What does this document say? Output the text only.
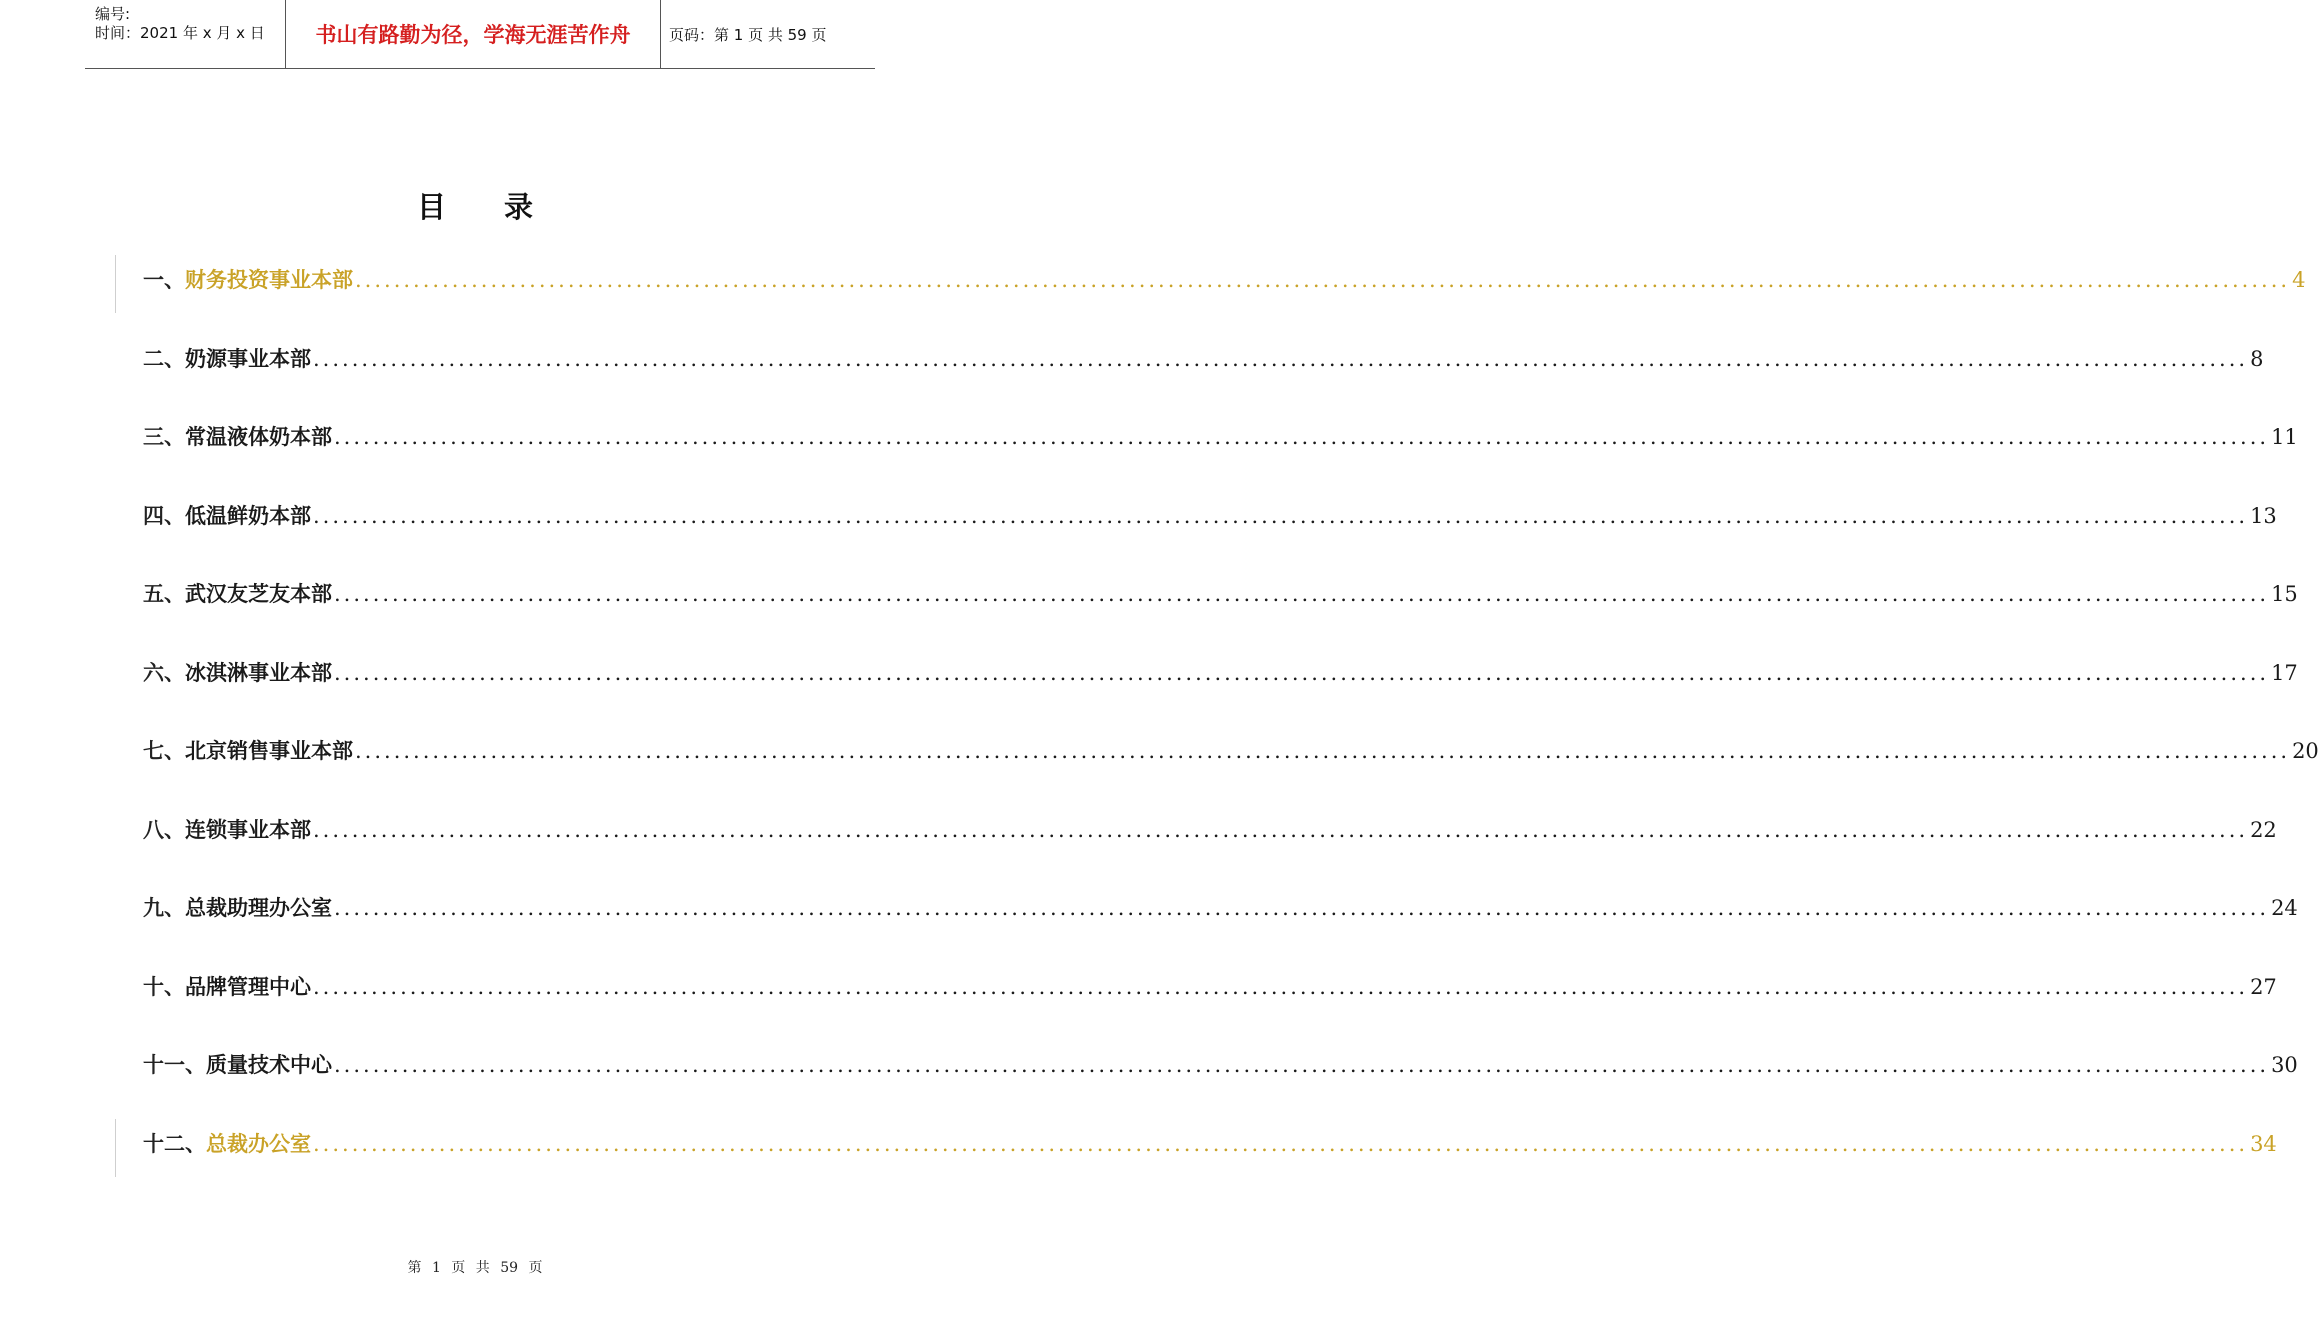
编号:
时间：2021 年 x 月 x 日 书山有路勤为径，学海无涯苦作舟	页码：第 1 页 共 59 页
目录
一、 财务投资事业本部 ........................................................................................................................................................................................................ 4
二、 奶源事业本部 ........................................................................................................................................................................................................ 8
三、 常温液体奶本部 ........................................................................................................................................................................................................ 11
四、 低温鲜奶本部 ........................................................................................................................................................................................................ 13
五、 武汉友芝友本部 ........................................................................................................................................................................................................ 15
六、 冰淇淋事业本部 ........................................................................................................................................................................................................ 17
七、 北京销售事业本部 ........................................................................................................................................................................................................ 20
八、 连锁事业本部 ........................................................................................................................................................................................................ 22
九、 总裁助理办公室 ........................................................................................................................................................................................................ 24
十、 品牌管理中心 ........................................................................................................................................................................................................ 27
十一、 质量技术中心 ........................................................................................................................................................................................................ 30
十二、 总裁办公室 ........................................................................................................................................................................................................ 34
第 1 页 共 59 页
